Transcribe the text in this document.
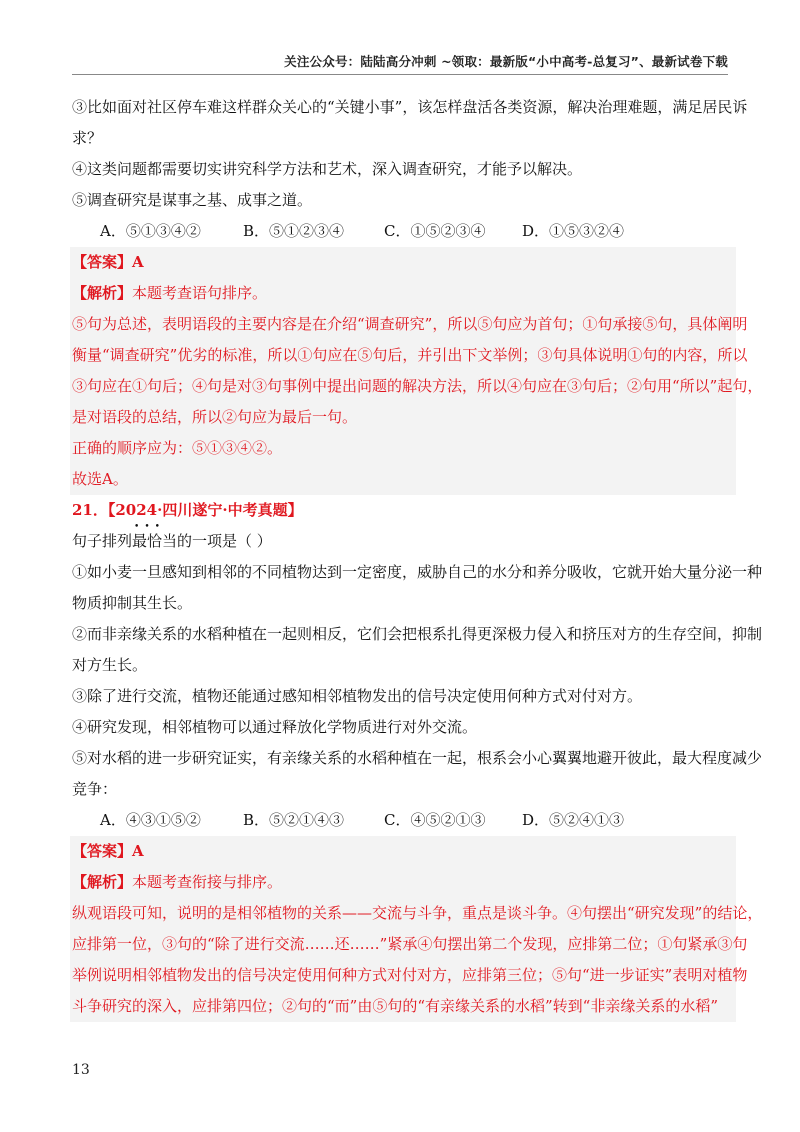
关注公众号：陆陆高分冲刺 ~领取：最新版“小中高考-总复习”、最新试卷下载
③比如面对社区停车难这样群众关心的“关键小事”，该怎样盘活各类资源，解决治理难题，满足居民诉
求？
④这类问题都需要切实讲究科学方法和艺术，深入调查研究，才能予以解决。
⑤调查研究是谋事之基、成事之道。
A．⑤①③④②	B．⑤①②③④	C．①⑤②③④ D．①⑤③②④
【答案】A
【解析】本题考查语句排序。
⑤句为总述，表明语段的主要内容是在介绍“调查研究”，所以⑤句应为首句；①句承接⑤句，具体阐明
衡量“调查研究”优劣的标准，所以①句应在⑤句后，并引出下文举例；③句具体说明①句的内容，所以
③句应在①句后；④句是对③句事例中提出问题的解决方法，所以④句应在③句后；②句用“所以”起句，
是对语段的总结，所以②句应为最后一句。
正确的顺序应为：⑤①③④②。
故选A。
21．【2024·四川遂宁·中考真题】
句子排列••• 最恰当的一项是（ ）
①如小麦一旦感知到相邻的不同植物达到一定密度，威胁自己的水分和养分吸收，它就开始大量分泌一种
物质抑制其生长。
②而非亲缘关系的水稻种植在一起则相反，它们会把根系扎得更深极力侵入和挤压对方的生存空间，抑制
对方生长。
③除了进行交流，植物还能通过感知相邻植物发出的信号决定使用何种方式对付对方。
④研究发现，相邻植物可以通过释放化学物质进行对外交流。
⑤对水稻的进一步研究证实，有亲缘关系的水稻种植在一起，根系会小心翼翼地避开彼此，最大程度减少
竞争：
A．④③①⑤②	B．⑤②①④③	C．④⑤②①③ D．⑤②④①③
【答案】A
【解析】本题考查衔接与排序。
纵观语段可知，说明的是相邻植物的关系——交流与斗争，重点是谈斗争。④句摆出“研究发现”的结论，
应排第一位，③句的“除了进行交流……还……”紧承④句摆出第二个发现，应排第二位；①句紧承③句
举例说明相邻植物发出的信号决定使用何种方式对付对方，应排第三位；⑤句“进一步证实”表明对植物
斗争研究的深入，应排第四位；②句的“而”由⑤句的“有亲缘关系的水稻”转到“非亲缘关系的水稻”
13
